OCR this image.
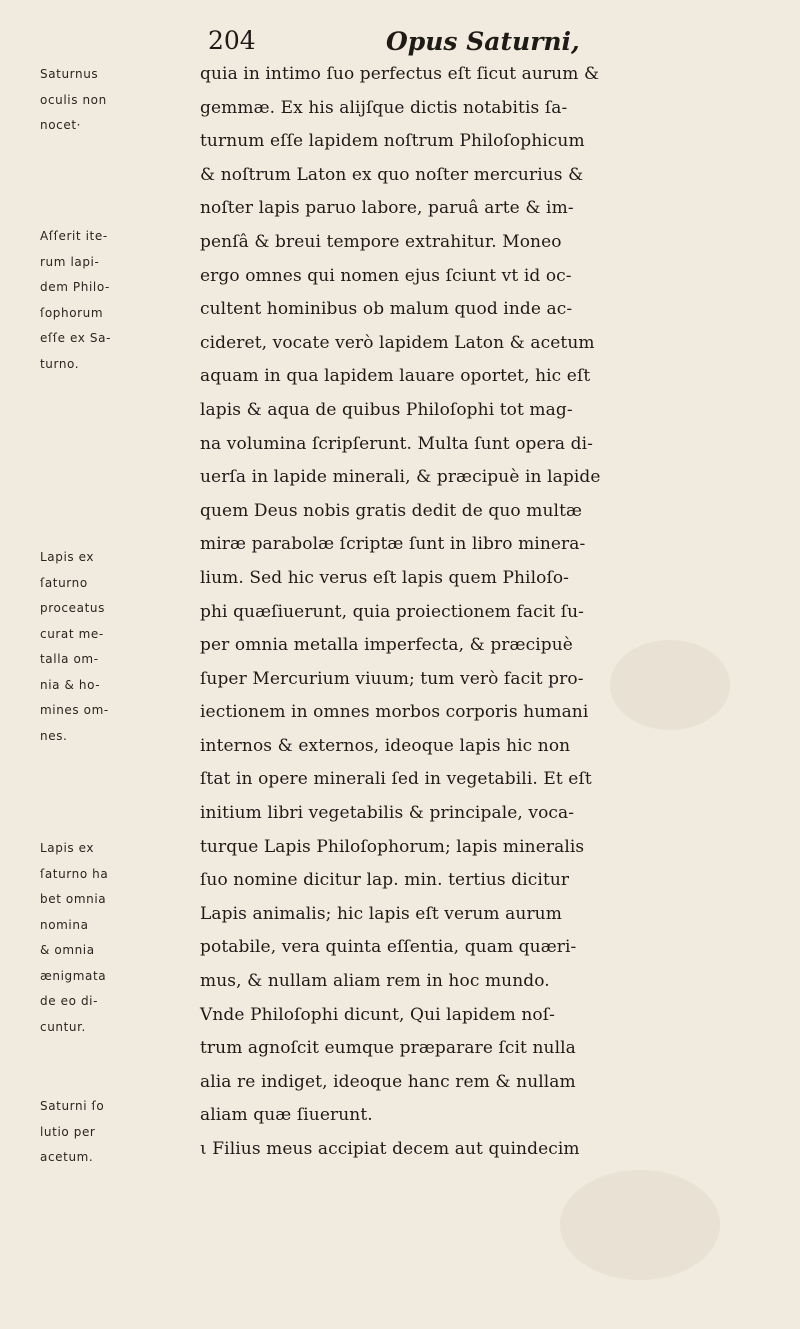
204	Opus Saturni,
Saturnus
oculis non
nocet·
Aſſerit ite-
rum lapi-
dem Philo-
ſophorum
eſſe ex Sa-
turno.
Lapis ex
ſaturno
proceatus
curat me-
talla om-
nia & ho-
mines om-
nes.
Lapis ex
ſaturno ha
bet omnia
nomina
& omnia
ænigmata
de eo di-
cuntur.
Saturni ſo
lutio per
acetum.
quia in intimo ſuo perfectus eſt ſicut aurum &
gemmæ. Ex his alijſque dictis notabitis ſa-
turnum eſſe lapidem noſtrum Philoſophicum
& noſtrum Laton ex quo noſter mercurius &
noſter lapis paruo labore, paruâ arte & im-
penſâ & breui tempore extrahitur. Moneo
ergo omnes qui nomen ejus ſciunt vt id oc-
cultent hominibus ob malum quod inde ac-
cideret, vocate verò lapidem Laton & acetum
aquam in qua lapidem lauare oportet, hic eſt
lapis & aqua de quibus Philoſophi tot mag-
na volumina ſcripſerunt. Multa ſunt opera di-
uerſa in lapide minerali, & præcipuè in lapide
quem Deus nobis gratis dedit de quo multæ
miræ parabolæ ſcriptæ ſunt in libro minera-
lium. Sed hic verus eſt lapis quem Philoſo-
phi quæſiuerunt, quia proiectionem facit ſu-
per omnia metalla imperfecta, & præcipuè
ſuper Mercurium viuum; tum verò facit pro-
iectionem in omnes morbos corporis humani
internos & externos, ideoque lapis hic non
ſtat in opere minerali ſed in vegetabili. Et eſt
initium libri vegetabilis & principale, voca-
turque Lapis Philoſophorum; lapis mineralis
ſuo nomine dicitur lap. min. tertius dicitur
Lapis animalis; hic lapis eſt verum aurum
potabile, vera quinta eſſentia, quam quæri-
mus, & nullam aliam rem in hoc mundo.
Vnde Philoſophi dicunt, Qui lapidem noſ-
trum agnoſcit eumque præparare ſcit nulla
alia re indiget, ideoque hanc rem & nullam
aliam quæ ſiuerunt.
ι Filius meus accipiat decem aut quindecim
